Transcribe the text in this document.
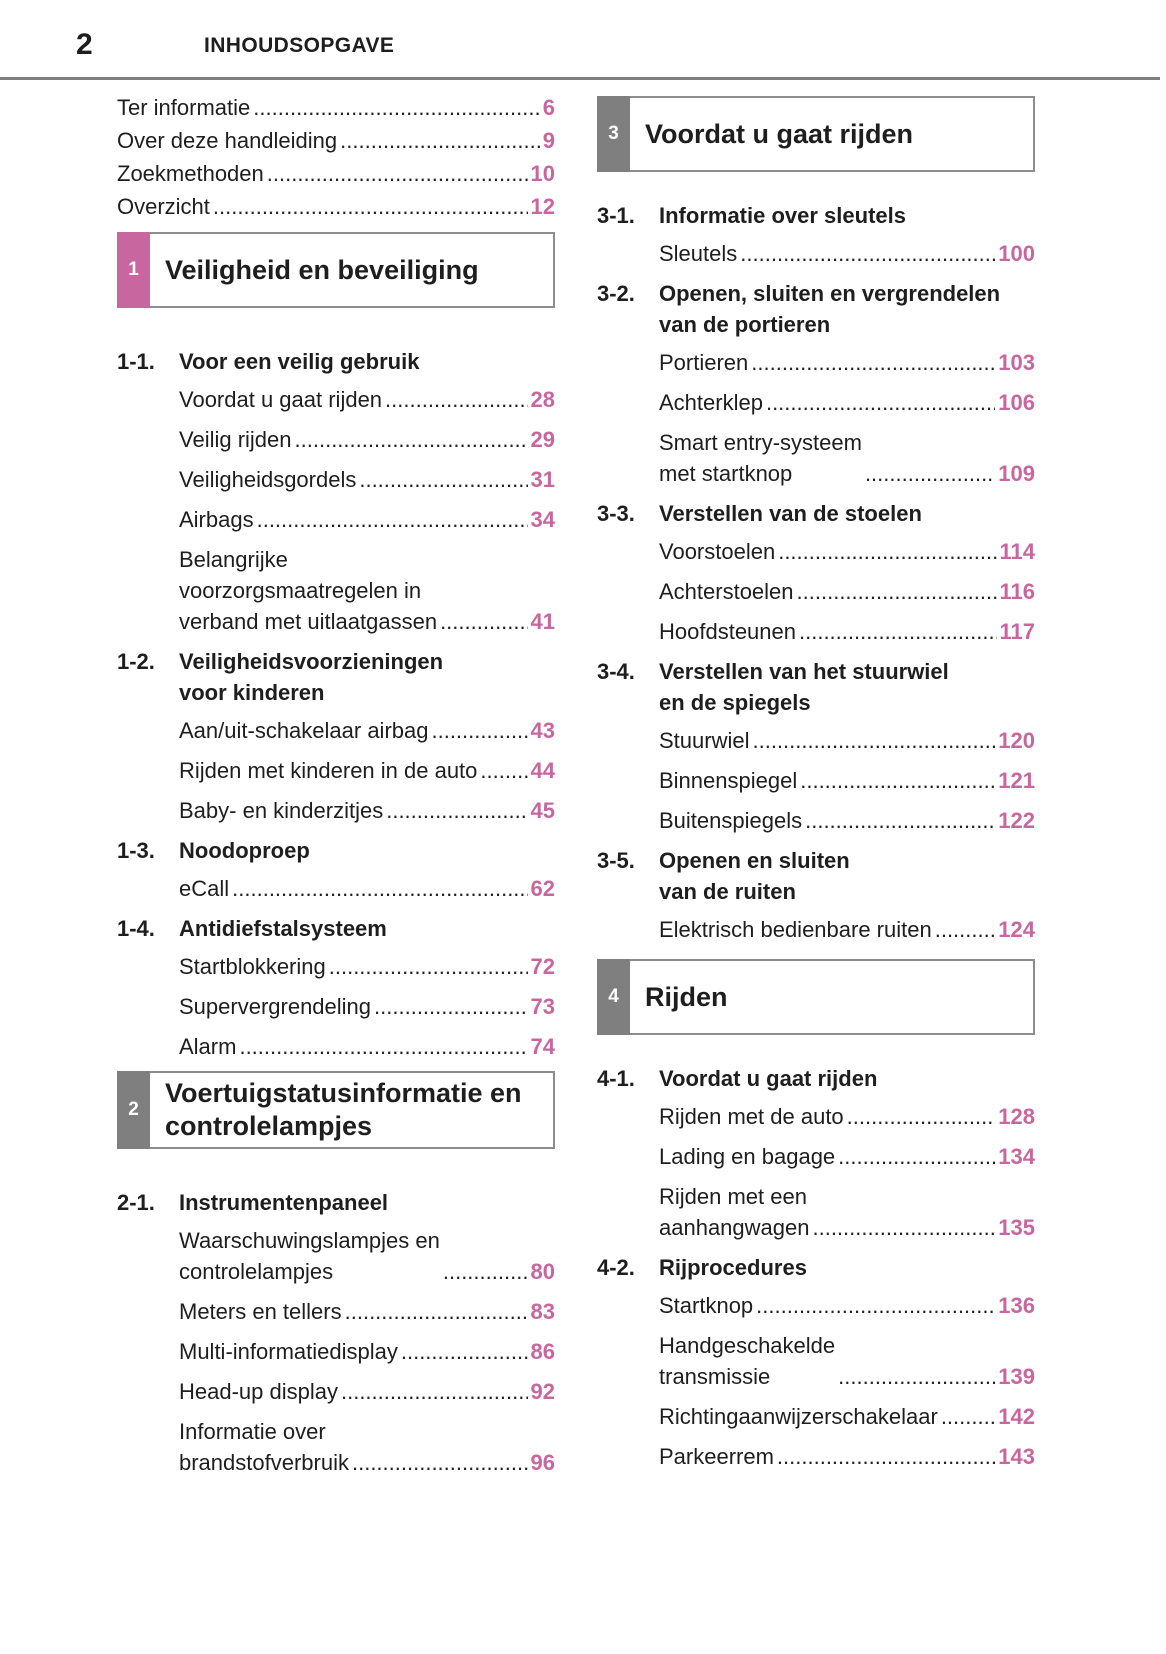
2	INHOUDSOPGAVE
Ter informatie .....	6
Over deze handleiding .....	9
Zoekmethoden .....	10
Overzicht .....	12
1 Veiligheid en beveiliging
1-1.	Voor een veilig gebruik
Voordat u gaat rijden .....	28
Veilig rijden .....	29
Veiligheidsgordels .....	31
Airbags .....	34
Belangrijke
voorzorgsmaatregelen in
verband met uitlaatgassen .....	41
1-2.	Veiligheidsvoorzieningen
voor kinderen
Aan/uit-schakelaar airbag .....	43
Rijden met kinderen in de auto ..... 44
Baby- en kinderzitjes .....	45
1-3.	Noodoproep
eCall .....	62
1-4.	Antidiefstalsysteem
Startblokkering .....	72
Supervergrendeling .....	73
Alarm .....	74
2
Voertuigstatusinformatie en
controlelampjes
2-1.	Instrumentenpaneel
Waarschuwingslampjes en
controlelampjes .....	80
Meters en tellers .....	83
Multi-informatiedisplay .....	86
Head-up display .....	92
Informatie over
brandstofverbruik .....	96
3 Voordat u gaat rijden
3-1.	Informatie over sleutels
Sleutels .....	100
3-2.	Openen, sluiten en vergrendelen
van de portieren
Portieren .....	103
Achterklep .....	106
Smart entry-systeem
met startknop .....	109
3-3.	Verstellen van de stoelen
Voorstoelen .....	114
Achterstoelen .....	116
Hoofdsteunen .....	117
3-4.	Verstellen van het stuurwiel
en de spiegels
Stuurwiel .....	120
Binnenspiegel .....	121
Buitenspiegels .....	122
3-5.	Openen en sluiten
van de ruiten
Elektrisch bedienbare ruiten .....	124
4 Rijden
4-1.	Voordat u gaat rijden
Rijden met de auto .....	128
Lading en bagage .....	134
Rijden met een
aanhangwagen .....	135
4-2.	Rijprocedures
Startknop .....	136
Handgeschakelde
transmissie .....	139
Richtingaanwijzerschakelaar .....	142
Parkeerrem .....	143
